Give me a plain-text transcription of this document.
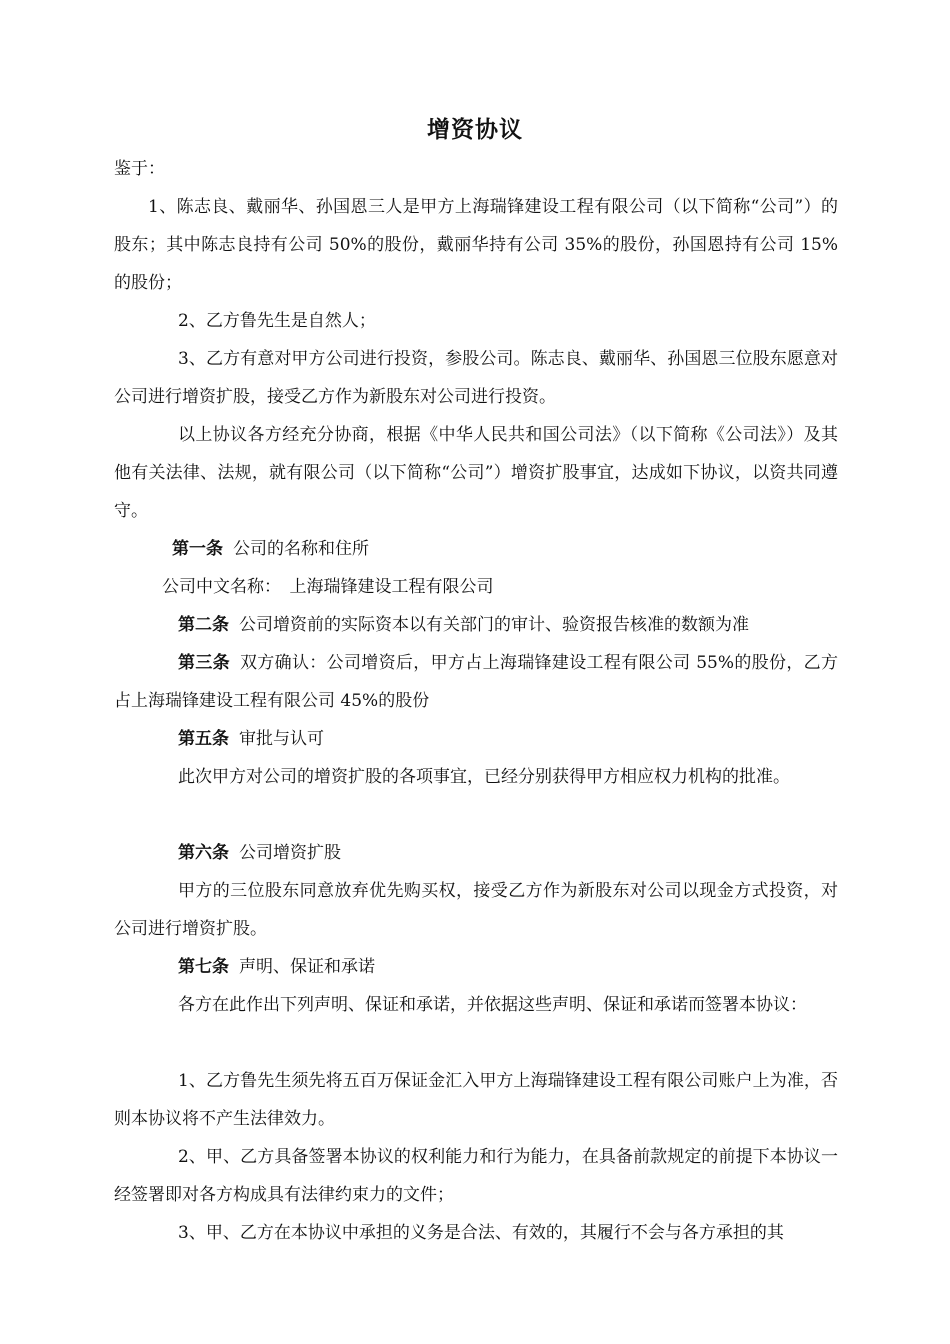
增资协议

鉴于：

1、陈志良、戴丽华、孙国恩三人是甲方上海瑞锋建设工程有限公司（以下简称“公司”）的股东；其中陈志良持有公司 50%的股份，戴丽华持有公司 35%的股份，孙国恩持有公司 15%的股份；

2、乙方鲁先生是自然人；

3、乙方有意对甲方公司进行投资，参股公司。陈志良、戴丽华、孙国恩三位股东愿意对公司进行增资扩股，接受乙方作为新股东对公司进行投资。

以上协议各方经充分协商，根据《中华人民共和国公司法》（以下简称《公司法》）及其他有关法律、法规，就有限公司（以下简称“公司”）增资扩股事宜，达成如下协议，以资共同遵守。

第一条 公司的名称和住所

公司中文名称：　上海瑞锋建设工程有限公司

第二条 公司增资前的实际资本以有关部门的审计、验资报告核准的数额为准

第三条 双方确认：公司增资后，甲方占上海瑞锋建设工程有限公司 55%的股份，乙方占上海瑞锋建设工程有限公司 45%的股份

第五条 审批与认可

此次甲方对公司的增资扩股的各项事宜，已经分别获得甲方相应权力机构的批准。

第六条 公司增资扩股

甲方的三位股东同意放弃优先购买权，接受乙方作为新股东对公司以现金方式投资，对公司进行增资扩股。

第七条 声明、保证和承诺

各方在此作出下列声明、保证和承诺，并依据这些声明、保证和承诺而签署本协议：

1、乙方鲁先生须先将五百万保证金汇入甲方上海瑞锋建设工程有限公司账户上为准，否则本协议将不产生法律效力。

2、甲、乙方具备签署本协议的权利能力和行为能力，在具备前款规定的前提下本协议一经签署即对各方构成具有法律约束力的文件；

3、甲、乙方在本协议中承担的义务是合法、有效的，其履行不会与各方承担的其
